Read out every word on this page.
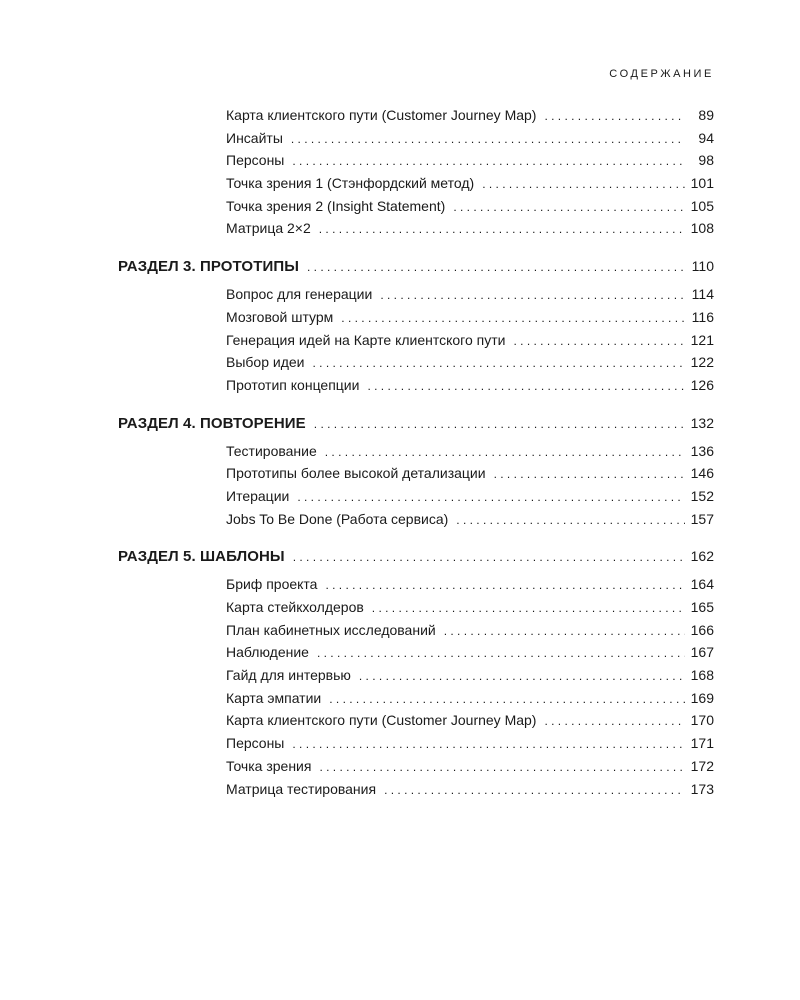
СОДЕРЖАНИЕ
Карта клиентского пути (Customer Journey Map) . . .	89
Инсайты . . .	94
Персоны . . .	98
Точка зрения 1 (Стэнфордский метод) . . .	101
Точка зрения 2 (Insight Statement) . . .	105
Матрица 2×2 . . .	108
РАЗДЕЛ 3. ПРОТОТИПЫ . . .	110
Вопрос для генерации . . .	114
Мозговой штурм . . .	116
Генерация идей на Карте клиентского пути . . .	121
Выбор идеи . . .	122
Прототип концепции . . .	126
РАЗДЕЛ 4. ПОВТОРЕНИЕ . . .	132
Тестирование . . .	136
Прототипы более высокой детализации . . .	146
Итерации . . .	152
Jobs To Be Done (Работа сервиса) . . .	157
РАЗДЕЛ 5. ШАБЛОНЫ . . .	162
Бриф проекта . . .	164
Карта стейкхолдеров . . .	165
План кабинетных исследований . . .	166
Наблюдение . . .	167
Гайд для интервью . . .	168
Карта эмпатии . . .	169
Карта клиентского пути (Customer Journey Map) . . .	170
Персоны . . .	171
Точка зрения . . .	172
Матрица тестирования . . .	173
